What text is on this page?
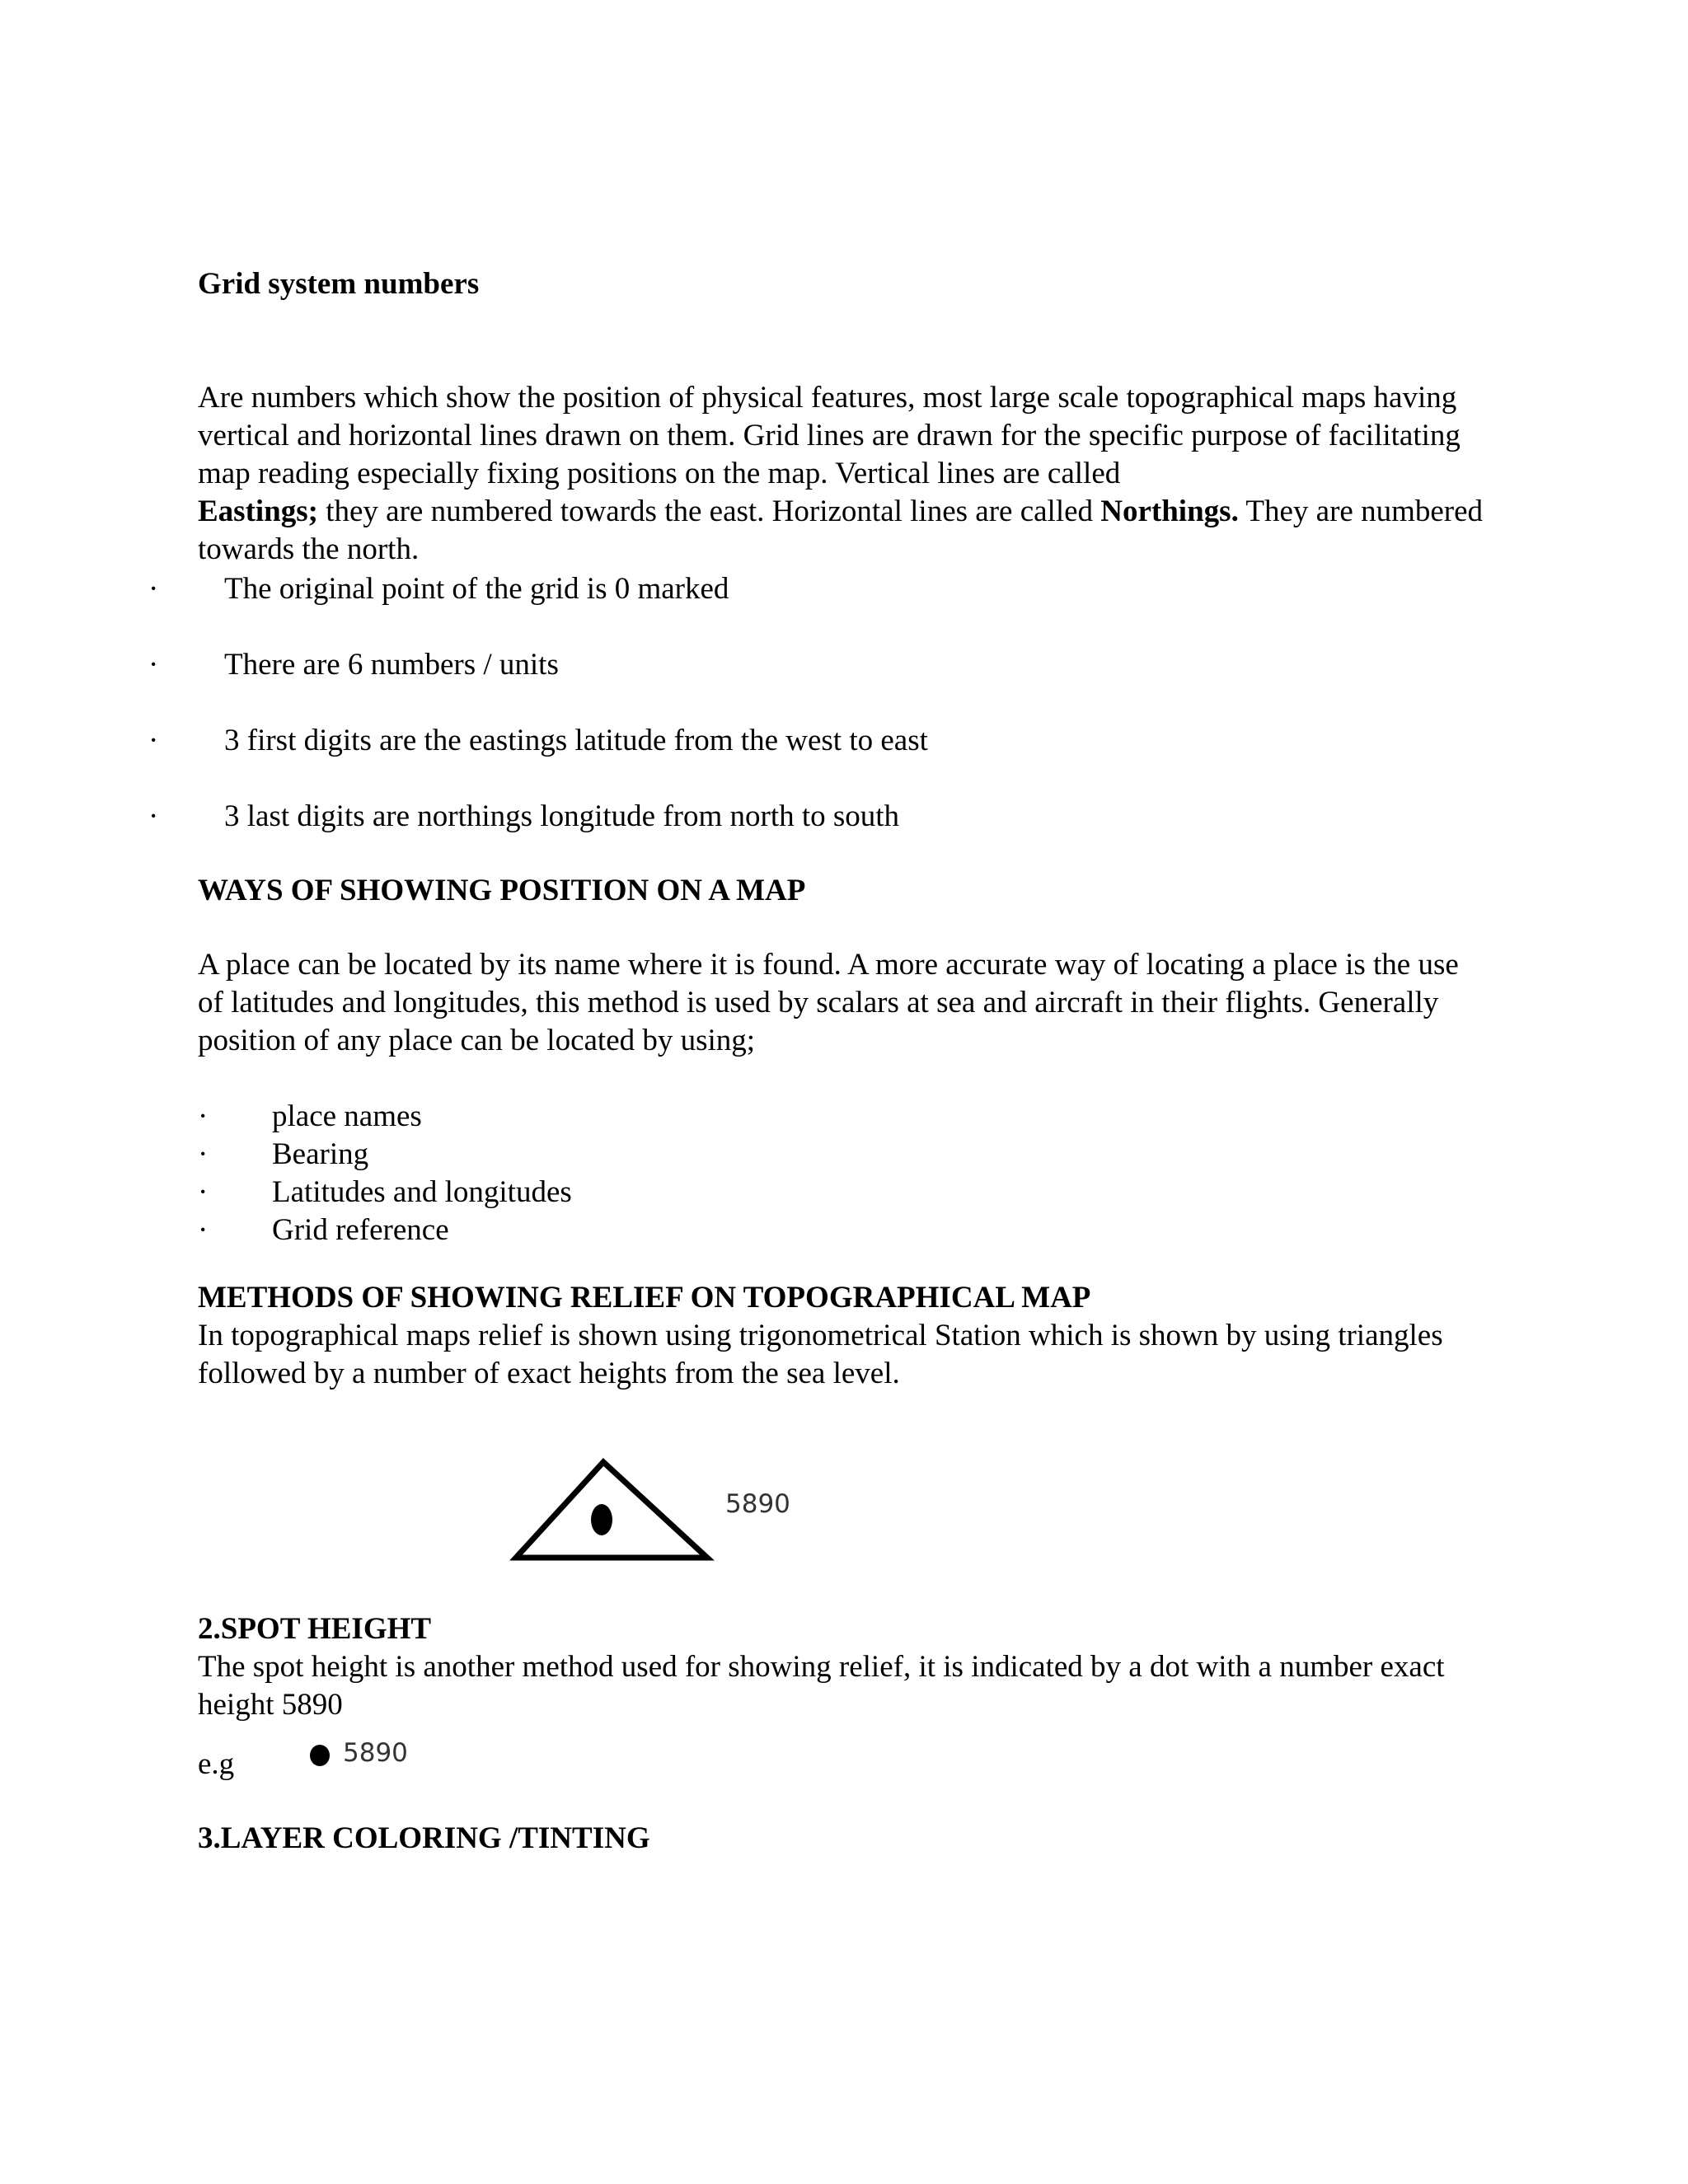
Grid system numbers

Are numbers which show the position of physical features, most large scale topographical maps having vertical and horizontal lines drawn on them. Grid lines are drawn for the specific purpose of facilitating map reading especially fixing positions on the map. Vertical lines are called
Eastings; they are numbered towards the east. Horizontal lines are called Northings. They are numbered towards the north.

· The original point of the grid is 0 marked
· There are 6 numbers / units
· 3 first digits are the eastings latitude from the west to east
· 3 last digits are northings longitude from north to south
WAYS OF SHOWING POSITION ON A MAP
A place can be located by its name where it is found. A more accurate way of locating a place is the use of latitudes and longitudes, this method is used by scalars at sea and aircraft in their flights. Generally position of any place can be located by using;
· place names
· Bearing
· Latitudes and longitudes
· Grid reference
METHODS OF SHOWING RELIEF ON TOPOGRAPHICAL MAP
In topographical maps relief is shown using trigonometrical Station which is shown by using triangles followed by a number of exact heights from the sea level.
5890
2.SPOT HEIGHT
The spot height is another method used for showing relief, it is indicated by a dot with a number exact height 5890
e.g	5890
3.LAYER COLORING /TINTING
